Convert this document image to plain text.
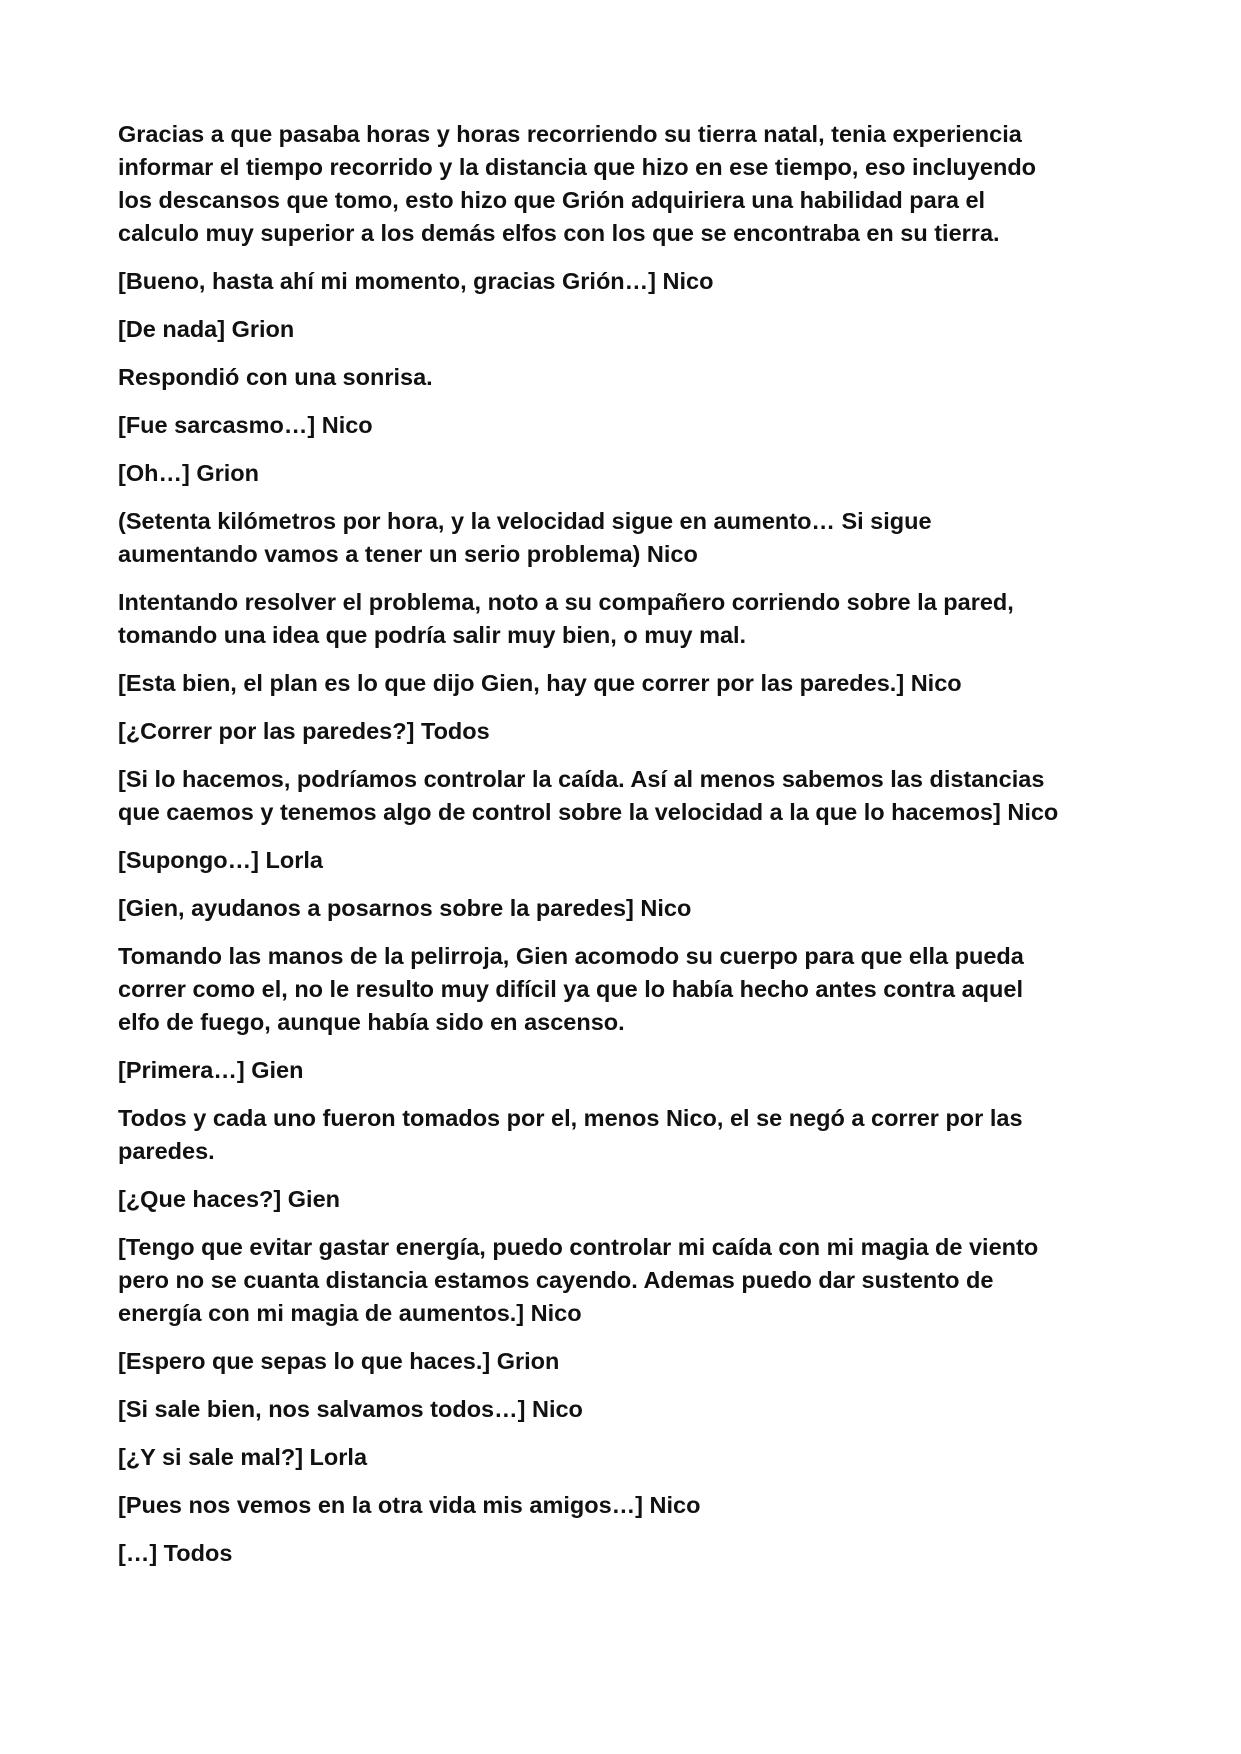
Gracias a que pasaba horas y horas recorriendo su tierra natal, tenia experiencia
informar el tiempo recorrido y la distancia que hizo en ese tiempo, eso incluyendo
los descansos que tomo, esto hizo que Grión adquiriera una habilidad para el
calculo muy superior a los demás elfos con los que se encontraba en su tierra.

[Bueno, hasta ahí mi momento, gracias Grión…] Nico

[De nada] Grion

Respondió con una sonrisa.

[Fue sarcasmo…] Nico

[Oh…] Grion

(Setenta kilómetros por hora, y la velocidad sigue en aumento… Si sigue
aumentando vamos a tener un serio problema) Nico

Intentando resolver el problema, noto a su compañero corriendo sobre la pared,
tomando una idea que podría salir muy bien, o muy mal.

[Esta bien, el plan es lo que dijo Gien, hay que correr por las paredes.] Nico

[¿Correr por las paredes?] Todos

[Si lo hacemos, podríamos controlar la caída. Así al menos sabemos las distancias
que caemos y tenemos algo de control sobre la velocidad a la que lo hacemos] Nico

[Supongo…] Lorla

[Gien, ayudanos a posarnos sobre la paredes] Nico

Tomando las manos de la pelirroja, Gien acomodo su cuerpo para que ella pueda
correr como el, no le resulto muy difícil ya que lo había hecho antes contra aquel
elfo de fuego, aunque había sido en ascenso.

[Primera…] Gien

Todos y cada uno fueron tomados por el, menos Nico, el se negó a correr por las
paredes.

[¿Que haces?] Gien

[Tengo que evitar gastar energía, puedo controlar mi caída con mi magia de viento
pero no se cuanta distancia estamos cayendo. Ademas puedo dar sustento de
energía con mi magia de aumentos.] Nico

[Espero que sepas lo que haces.] Grion

[Si sale bien, nos salvamos todos…] Nico

[¿Y si sale mal?] Lorla

[Pues nos vemos en la otra vida mis amigos…] Nico

[…] Todos
